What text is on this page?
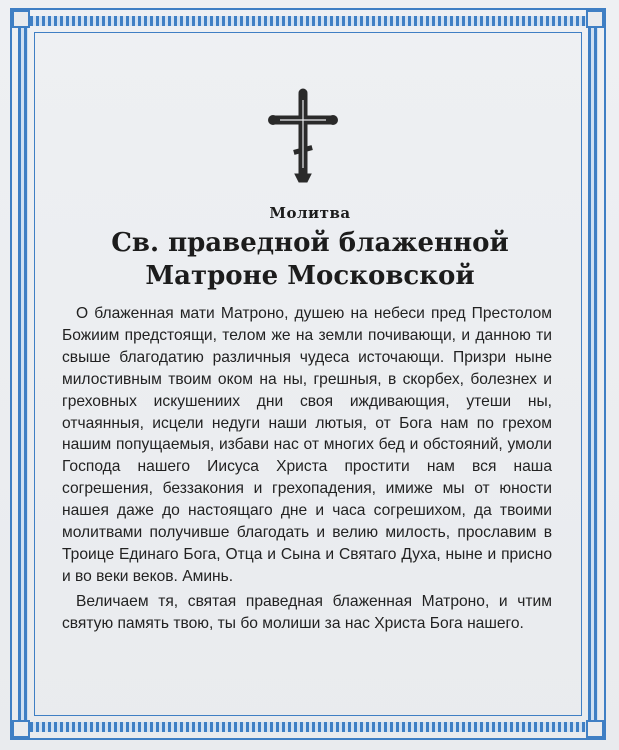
Молитва
Св. праведной блаженной
Матроне Московской

О блаженная мати Матроно, душею на небеси пред Престолом Божиим предстоящи, телом же на земли почивающи, и данною ти свыше благодатию различныя чудеса источающи. Призри ныне милостивным твоим оком на ны, грешныя, в скорбех, болезнех и греховных искушениих дни своя иждивающия, утеши ны, отчаянныя, исцели недуги наши лютыя, от Бога нам по грехом нашим попущаемыя, избави нас от многих бед и обстояний, умоли Господа нашего Иисуса Христа простити нам вся наша согрешения, беззакония и грехопадения, имиже мы от юности нашея даже до настоящаго дне и часа согрешихом, да твоими молитвами получивше благодать и велию милость, прославим в Троице Единаго Бога, Отца и Сына и Святаго Духа, ныне и присно и во веки веков. Аминь.

Величаем тя, святая праведная блаженная Матроно, и чтим святую память твою, ты бо молиши за нас Христа Бога нашего.
